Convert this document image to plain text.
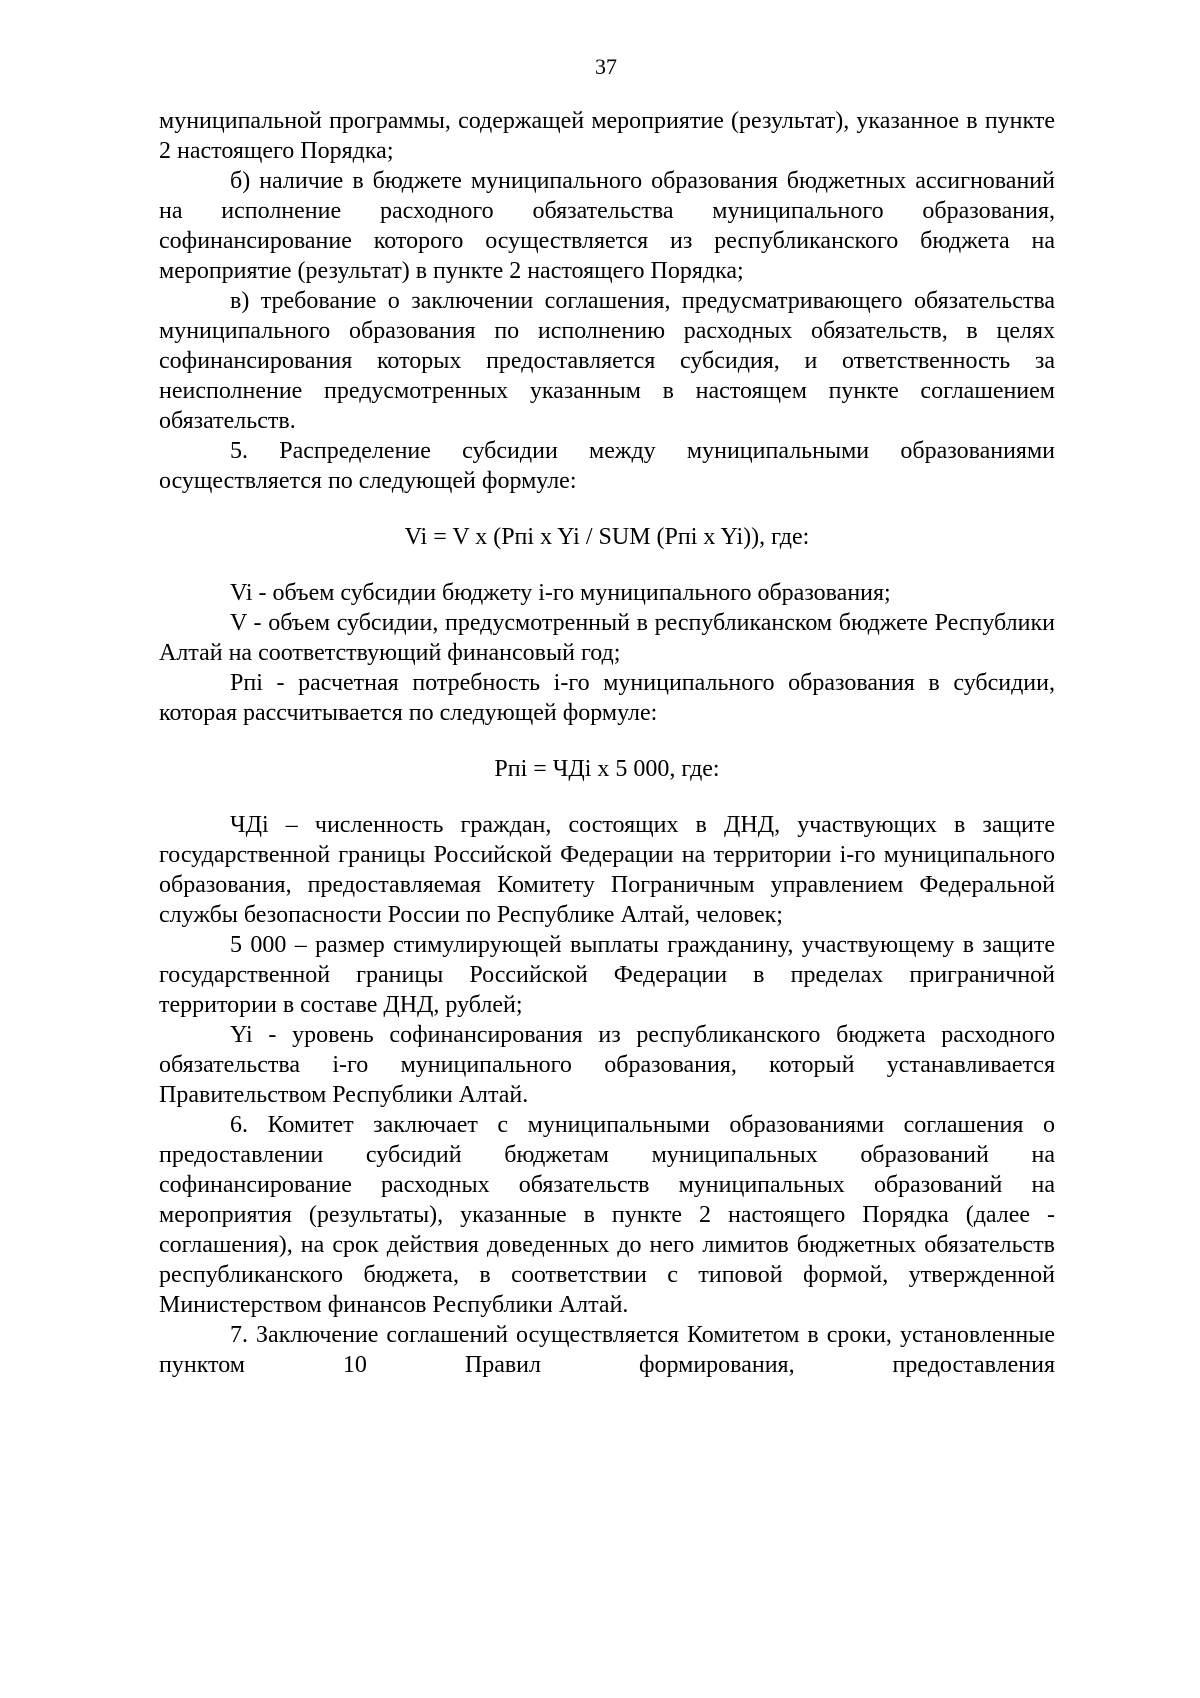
37

муниципальной программы, содержащей мероприятие (результат), указанное в пункте 2 настоящего Порядка;

б) наличие в бюджете муниципального образования бюджетных ассигнований на исполнение расходного обязательства муниципального образования, софинансирование которого осуществляется из республиканского бюджета на мероприятие (результат) в пункте 2 настоящего Порядка;

в) требование о заключении соглашения, предусматривающего обязательства муниципального образования по исполнению расходных обязательств, в целях софинансирования которых предоставляется субсидия, и ответственность за неисполнение предусмотренных указанным в настоящем пункте соглашением обязательств.

5. Распределение субсидии между муниципальными образованиями осуществляется по следующей формуле:

Vi = V x (Pпi x Yi / SUM (Pпi x Yi)), где:

Vi - объем субсидии бюджету i-го муниципального образования;

V - объем субсидии, предусмотренный в республиканском бюджете Республики Алтай на соответствующий финансовый год;

Pпi - расчетная потребность i-го муниципального образования в субсидии, которая рассчитывается по следующей формуле:

Pпi = ЧДi x 5 000, где:

ЧДi – численность граждан, состоящих в ДНД, участвующих в защите государственной границы Российской Федерации на территории i-го муниципального образования, предоставляемая Комитету Пограничным управлением Федеральной службы безопасности России по Республике Алтай, человек;

5 000 – размер стимулирующей выплаты гражданину, участвующему в защите государственной границы Российской Федерации в пределах приграничной территории в составе ДНД, рублей;

Yi - уровень софинансирования из республиканского бюджета расходного обязательства i-го муниципального образования, который устанавливается Правительством Республики Алтай.

6. Комитет заключает с муниципальными образованиями соглашения о предоставлении субсидий бюджетам муниципальных образований на софинансирование расходных обязательств муниципальных образований на мероприятия (результаты), указанные в пункте 2 настоящего Порядка (далее - соглашения), на срок действия доведенных до него лимитов бюджетных обязательств республиканского бюджета, в соответствии с типовой формой, утвержденной Министерством финансов Республики Алтай.

7. Заключение соглашений осуществляется Комитетом в сроки, установленные пунктом 10 Правил формирования, предоставления
